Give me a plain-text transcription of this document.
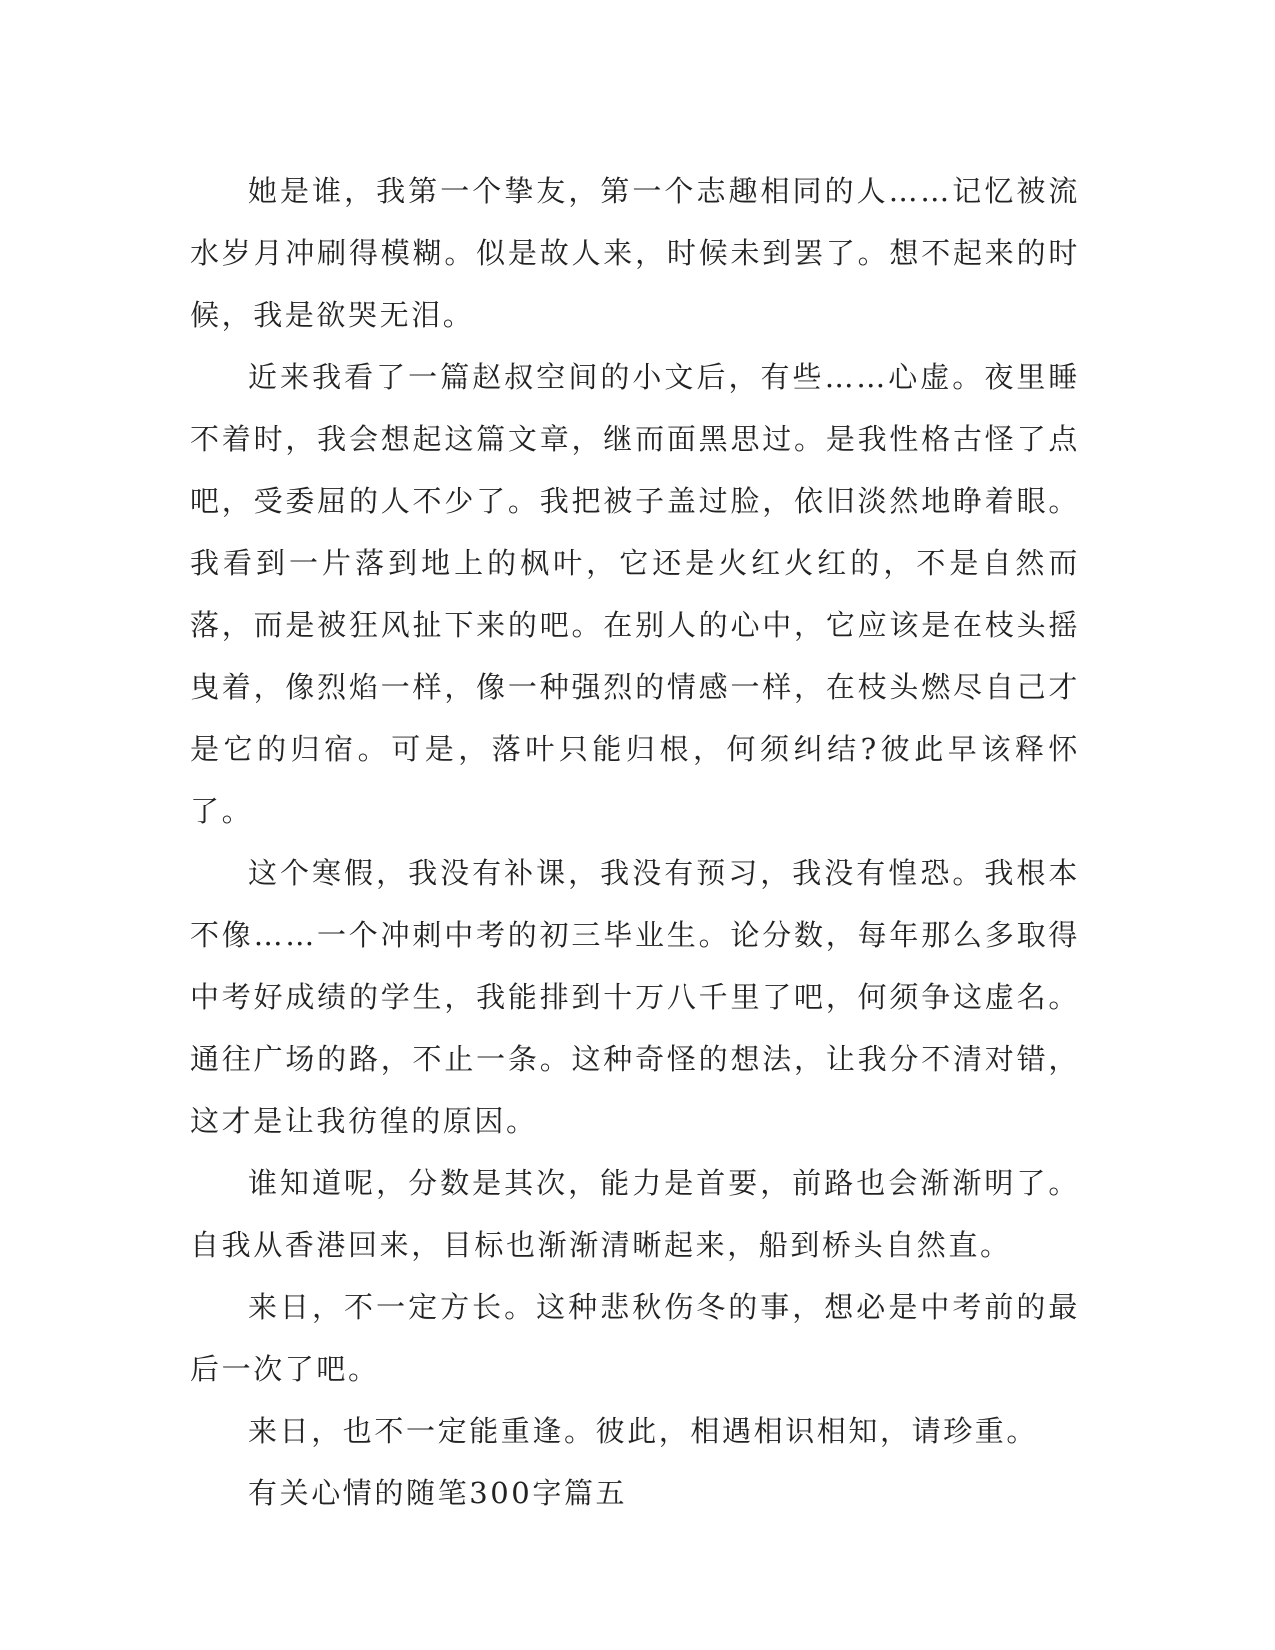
她是谁，我第一个挚友，第一个志趣相同的人……记忆被流水岁月冲刷得模糊。似是故人来，时候未到罢了。想不起来的时候，我是欲哭无泪。

近来我看了一篇赵叔空间的小文后，有些……心虚。夜里睡不着时，我会想起这篇文章，继而面黑思过。是我性格古怪了点吧，受委屈的人不少了。我把被子盖过脸，依旧淡然地睁着眼。我看到一片落到地上的枫叶，它还是火红火红的，不是自然而落，而是被狂风扯下来的吧。在别人的心中，它应该是在枝头摇曳着，像烈焰一样，像一种强烈的情感一样，在枝头燃尽自己才是它的归宿。可是，落叶只能归根，何须纠结?彼此早该释怀了。

这个寒假，我没有补课，我没有预习，我没有惶恐。我根本不像……一个冲刺中考的初三毕业生。论分数，每年那么多取得中考好成绩的学生，我能排到十万八千里了吧，何须争这虚名。通往广场的路，不止一条。这种奇怪的想法，让我分不清对错，这才是让我彷徨的原因。

谁知道呢，分数是其次，能力是首要，前路也会渐渐明了。自我从香港回来，目标也渐渐清晰起来，船到桥头自然直。

来日，不一定方长。这种悲秋伤冬的事，想必是中考前的最后一次了吧。

来日，也不一定能重逢。彼此，相遇相识相知，请珍重。

有关心情的随笔300字篇五
